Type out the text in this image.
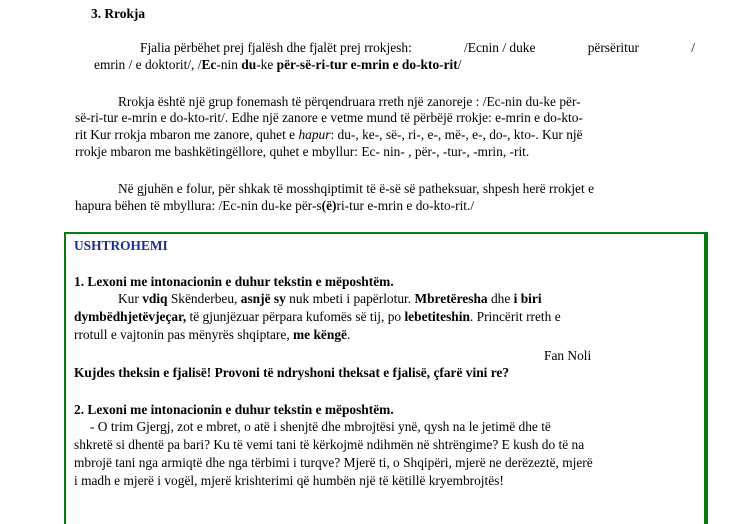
3. Rrokja
Fjalia përbëhet prej fjalësh dhe fjalët prej rrokjesh:	/Ecnin / duke	përsëritur	/
emrin / e doktorit/, /Ec-nin du-ke për-së-ri-tur e-mrin e do-kto-rit/
Rrokja është një grup fonemash të përqendruara rreth një zanoreje : /Ec-nin du-ke për-
së-ri-tur e-mrin e do-kto-rit/. Edhe një zanore e vetme mund të përbëjë rrokje: e-mrin e do-kto-
rit Kur rrokja mbaron me zanore, quhet e hapur: du-, ke-, së-, ri-, e-, më-, e-, do-, kto-. Kur një
rrokje mbaron me bashkëtingëllore, quhet e mbyllur: Ec- nin- , për-, -tur-, -mrin, -rit.
Në gjuhën e folur, për shkak të mosshqiptimit të ë-së së patheksuar, shpesh herë rrokjet e
hapura bëhen të mbyllura: /Ec-nin du-ke për-s(ë)ri-tur e-mrin e do-kto-rit./
USHTROHEMI
1. Lexoni me intonacionin e duhur tekstin e mëposhtëm.
Kur vdiq Skënderbeu, asnjë sy nuk mbeti i papërlotur. Mbretëresha dhe i biri
dymbëdhjetëvjeçar, të gjunjëzuar përpara kufomës së tij, po lebetiteshin. Princërit rreth e
rrotull e vajtonin pas mënyrës shqiptare, me këngë.
Fan Noli
Kujdes theksin e fjalisë! Provoni të ndryshoni theksat e fjalisë, çfarë vini re?
2. Lexoni me intonacionin e duhur tekstin e mëposhtëm.
- O trim Gjergj, zot e mbret, o atë i shenjtë dhe mbrojtësi ynë, qysh na le jetimë dhe të
shkretë si dhentë pa bari? Ku të vemi tani të kërkojmë ndihmën në shtrëngime? E kush do të na
mbrojë tani nga armiqtë dhe nga tërbimi i turqve? Mjerë ti, o Shqipëri, mjerë ne derëzeztë, mjerë
i madh e mjerë i vogël, mjerë krishterimi që humbën një të këtillë kryembrojtës!
